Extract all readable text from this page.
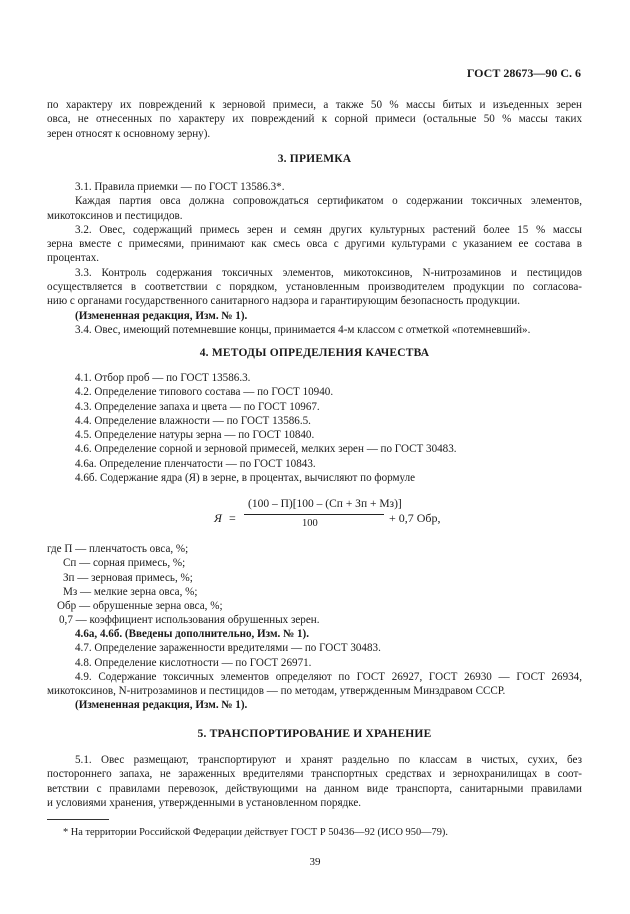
ГОСТ 28673—90 С. 6

по характеру их повреждений к зерновой примеси, а также 50 % массы битых и изъеденных зерен

овса, не отнесенных по характеру их повреждений к сорной примеси (остальные 50 % массы таких

зерен относят к основному зерну).

3. ПРИЕМКА

3.1. Правила приемки — по ГОСТ 13586.3*.

Каждая партия овса должна сопровождаться сертификатом о содержании токсичных элементов,

микотоксинов и пестицидов.

3.2. Овес, содержащий примесь зерен и семян других культурных растений более 15 % массы

зерна вместе с примесями, принимают как смесь овса с другими культурами с указанием ее состава в

процентах.

3.3. Контроль содержания токсичных элементов, микотоксинов, N-нитрозаминов и пестицидов

осуществляется в соответствии с порядком, установленным производителем продукции по согласова-

нию с органами государственного санитарного надзора и гарантирующим безопасность продукции.

(Измененная редакция, Изм. № 1).

3.4. Овес, имеющий потемневшие концы, принимается 4-м классом с отметкой «потемневший».

4. МЕТОДЫ ОПРЕДЕЛЕНИЯ КАЧЕСТВА

4.1. Отбор проб — по ГОСТ 13586.3.

4.2. Определение типового состава — по ГОСТ 10940.

4.3. Определение запаха и цвета — по ГОСТ 10967.

4.4. Определение влажности — по ГОСТ 13586.5.

4.5. Определение натуры зерна — по ГОСТ 10840.

4.6. Определение сорной и зерновой примесей, мелких зерен — по ГОСТ 30483.

4.6а. Определение пленчатости — по ГОСТ 10843.

4.6б. Содержание ядра (Я) в зерне, в процентах, вычисляют по формуле

Я =
(100 – П)[100 – (Cп + Зп + Мз)]
100	+ 0,7 Обр,
где П — пленчатость овса, %;
Cп — сорная примесь, %;
Зп — зерновая примесь, %;
Мз — мелкие зерна овса, %;
Обр — обрушенные зерна овса, %;
0,7 — коэффициент использования обрушенных зерен.

4.6а, 4.6б. (Введены дополнительно, Изм. № 1).

4.7. Определение зараженности вредителями — по ГОСТ 30483.

4.8. Определение кислотности — по ГОСТ 26971.

4.9. Содержание токсичных элементов определяют по ГОСТ 26927, ГОСТ 26930 — ГОСТ 26934,

микотоксинов, N-нитрозаминов и пестицидов — по методам, утвержденным Минздравом СССР.

(Измененная редакция, Изм. № 1).

5. ТРАНСПОРТИРОВАНИЕ И ХРАНЕНИЕ

5.1. Овес размещают, транспортируют и хранят раздельно по классам в чистых, сухих, без

постороннего запаха, не зараженных вредителями транспортных средствах и зернохранилищах в соот-

ветствии с правилами перевозок, действующими на данном виде транспорта, санитарными правилами

и условиями хранения, утвержденными в установленном порядке.

* На территории Российской Федерации действует ГОСТ Р 50436—92 (ИСО 950—79).
39
